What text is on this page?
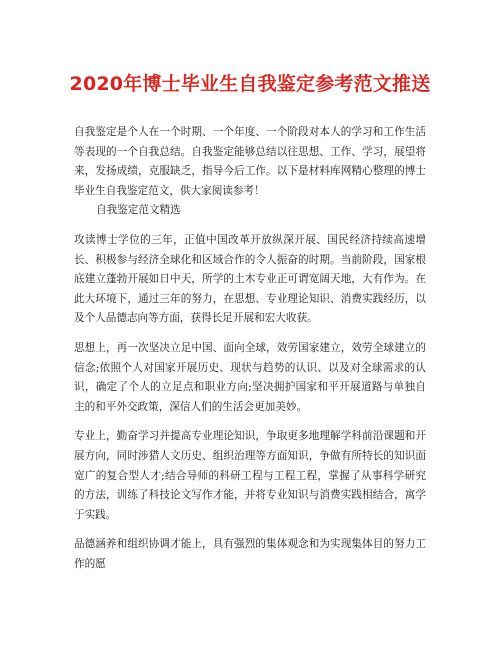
2020年博士毕业生自我鉴定参考范文推送

自我鉴定是个人在一个时期、一个年度、一个阶段对本人的学习和工作生活等表现的一个自我总结。自我鉴定能够总结以往思想、工作、学习，展望将来，发扬成绩，克服缺乏，指导今后工作。以下是材料库网精心整理的博士毕业生自我鉴定范文，供大家阅读参考！

自我鉴定范文精选

攻读博士学位的三年，正值中国改革开放纵深开展、国民经济持续高速增长、积极参与经济全球化和区域合作的令人振奋的时期。当前阶段，国家根底建立蓬勃开展如日中天，所学的土木专业正可谓宽阔天地，大有作为。在此大环境下，通过三年的努力，在思想、专业理论知识、消费实践经历，以及个人品德志向等方面，获得长足开展和宏大收获。

思想上，再一次坚决立足中国、面向全球，效劳国家建立，效劳全球建立的信念;依照个人对国家开展历史、现状与趋势的认识、以及对全球需求的认识，确定了个人的立足点和职业方向;坚决拥护国家和平开展道路与单独自主的和平外交政策，深信人们的生活会更加美妙。

专业上，勤奋学习并提高专业理论知识，争取更多地理解学科前沿课题和开展方向，同时涉猎人文历史、组织治理等方面知识，争做有所特长的知识面宽广的复合型人才;结合导师的科研工程与工程工程，掌握了从事科学研究的方法，训练了科技论文写作才能，并将专业知识与消费实践相结合，寓学于实践。

品德涵养和组织协调才能上，具有强烈的集体观念和为实现集体目的努力工作的愿
